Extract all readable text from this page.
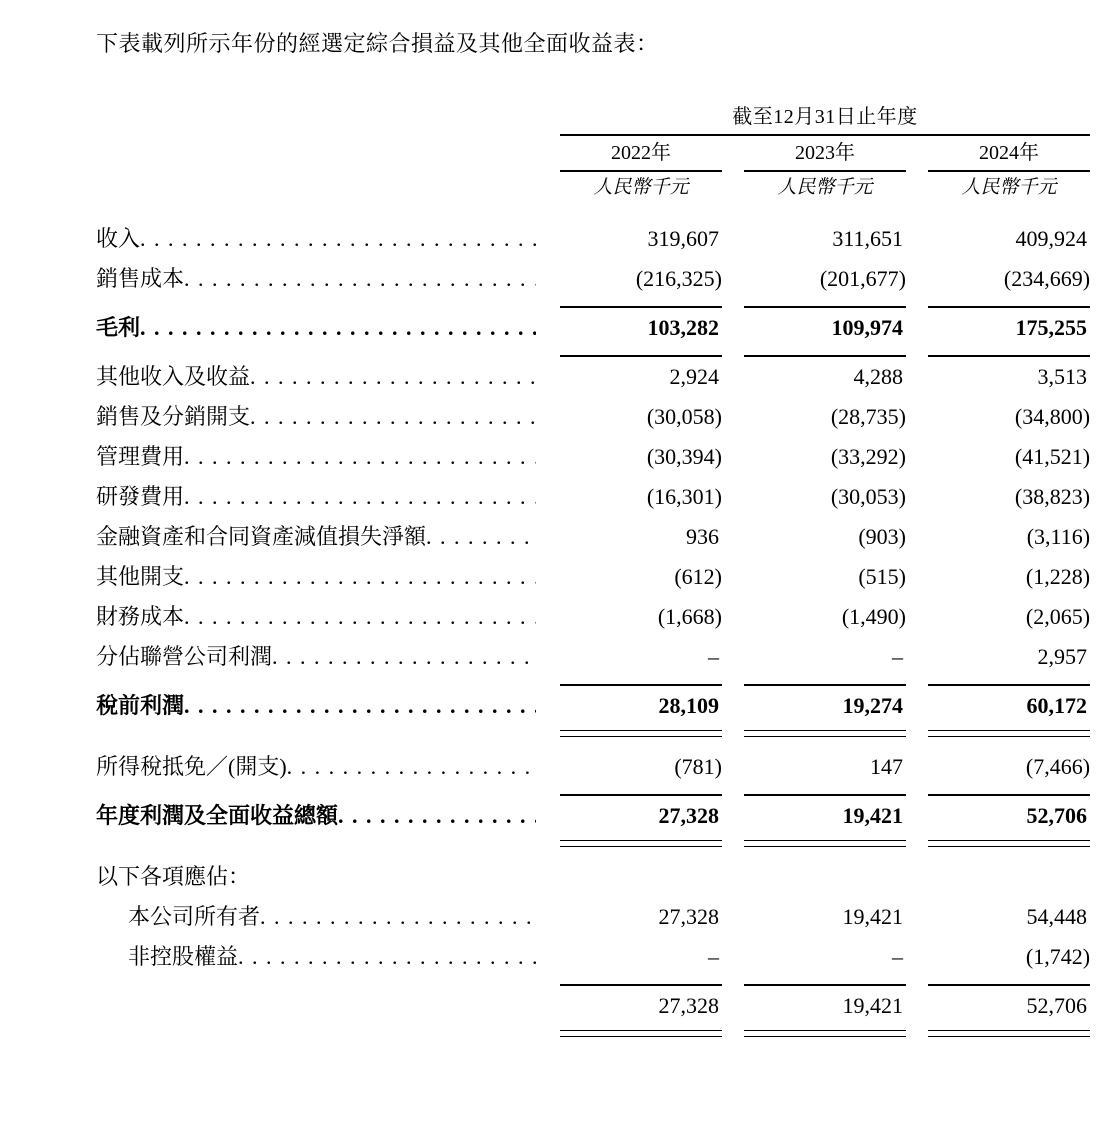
下表載列所示年份的經選定綜合損益及其他全面收益表：
	截至12月31日止年度				

	2022年		2023年		2024年

	人民幣千元		人民幣千元		人民幣千元

收入. . .	319,607		311,651		409,924
銷售成本. . .	(216,325)		(201,677)		(234,669)

毛利. . .	103,282		109,974		175,255

其他收入及收益. . .	2,924		4,288		3,513
銷售及分銷開支. . .	(30,058)		(28,735)		(34,800)
管理費用. . .	(30,394)		(33,292)		(41,521)
研發費用. . .	(16,301)		(30,053)		(38,823)
金融資產和合同資產減值損失淨額. . .	936		(903)		(3,116)
其他開支. . .	(612)		(515)		(1,228)
財務成本. . .	(1,668)		(1,490)		(2,065)
分佔聯營公司利潤. . .	–		–		2,957

稅前利潤. . .	28,109		19,274		60,172

所得稅抵免／(開支). . .	(781)		147		(7,466)

年度利潤及全面收益總額. . .	27,328		19,421		52,706

以下各項應佔：					
本公司所有者. . .	27,328		19,421		54,448
非控股權益. . .	–		–		(1,742)

	27,328		19,421		52,706
